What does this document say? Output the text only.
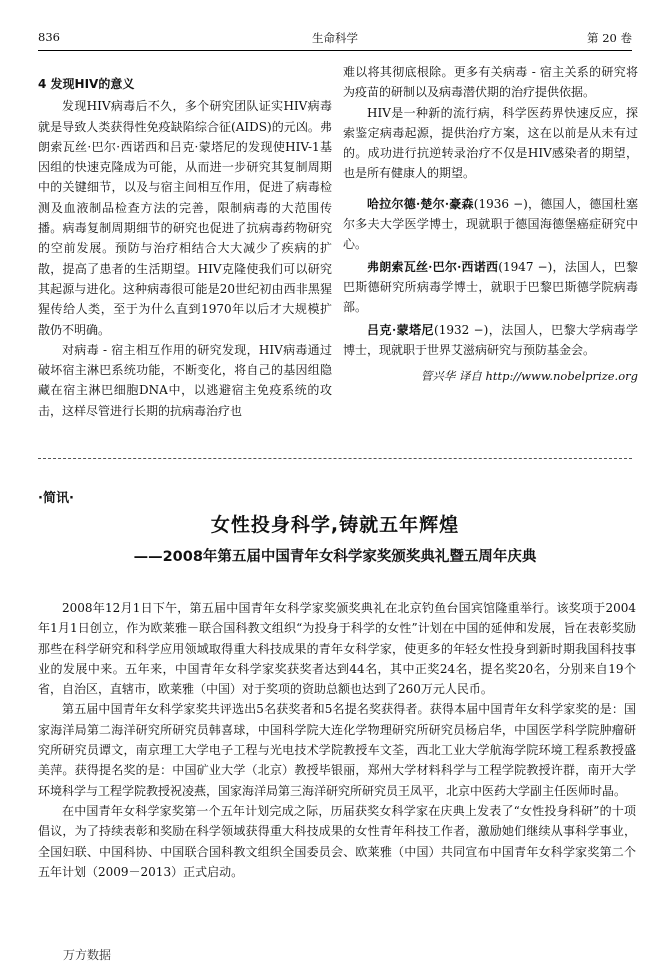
836	生命科学	第 20 卷
4 发现HIV的意义

发现HIV病毒后不久，多个研究团队证实HIV病毒就是导致人类获得性免疫缺陷综合征(AIDS)的元凶。弗朗索瓦丝·巴尔·西诺西和吕克·蒙塔尼的发现使HIV-1基因组的快速克隆成为可能，从而进一步研究其复制周期中的关键细节，以及与宿主间相互作用，促进了病毒检测及血液制品检查方法的完善，限制病毒的大范围传播。病毒复制周期细节的研究也促进了抗病毒药物研究的空前发展。预防与治疗相结合大大减少了疾病的扩散，提高了患者的生活期望。HIV克隆使我们可以研究其起源与进化。这种病毒很可能是20世纪初由西非黑猩猩传给人类，至于为什么直到1970年以后才大规模扩散仍不明确。

对病毒 - 宿主相互作用的研究发现，HIV病毒通过破坏宿主淋巴系统功能，不断变化，将自己的基因组隐藏在宿主淋巴细胞DNA中，以逃避宿主免疫系统的攻击，这样尽管进行长期的抗病毒治疗也

难以将其彻底根除。更多有关病毒 - 宿主关系的研究将为疫苗的研制以及病毒潜伏期的治疗提供依据。

HIV是一种新的流行病，科学医药界快速反应，探索鉴定病毒起源，提供治疗方案，这在以前是从未有过的。成功进行抗逆转录治疗不仅是HIV感染者的期望，也是所有健康人的期望。

哈拉尔德·楚尔·豪森(1936 −)，德国人，德国杜塞尔多夫大学医学博士，现就职于德国海德堡癌症研究中心。

弗朗索瓦丝·巴尔·西诺西(1947 −)，法国人，巴黎巴斯德研究所病毒学博士，就职于巴黎巴斯德学院病毒部。

吕克·蒙塔尼(1932 −)，法国人，巴黎大学病毒学博士，现就职于世界艾滋病研究与预防基金会。

管兴华 译自 http://www.nobelprize.org
·简讯·
女性投身科学,铸就五年辉煌
——2008年第五届中国青年女科学家奖颁奖典礼暨五周年庆典

2008年12月1日下午，第五届中国青年女科学家奖颁奖典礼在北京钓鱼台国宾馆隆重举行。该奖项于2004年1月1日创立，作为欧莱雅－联合国科教文组织“为投身于科学的女性”计划在中国的延伸和发展，旨在表彰奖励那些在科学研究和科学应用领域取得重大科技成果的青年女科学家，使更多的年轻女性投身到新时期我国科技事业的发展中来。五年来，中国青年女科学家奖获奖者达到44名，其中正奖24名，提名奖20名，分别来自19个省，自治区，直辖市，欧莱雅（中国）对于奖项的资助总额也达到了260万元人民币。

第五届中国青年女科学家奖共评选出5名获奖者和5名提名奖获得者。获得本届中国青年女科学家奖的是：国家海洋局第二海洋研究所研究员韩喜球，中国科学院大连化学物理研究所研究员杨启华，中国医学科学院肿瘤研究所研究员谭文，南京理工大学电子工程与光电技术学院教授车文荃，西北工业大学航海学院环境工程系教授盛美萍。获得提名奖的是：中国矿业大学（北京）教授毕银丽，郑州大学材料科学与工程学院教授许群，南开大学环境科学与工程学院教授祝凌燕，国家海洋局第三海洋研究所研究员王凤平，北京中医药大学副主任医师时晶。

在中国青年女科学家奖第一个五年计划完成之际，历届获奖女科学家在庆典上发表了“女性投身科研”的十项倡议，为了持续表彰和奖励在科学领域获得重大科技成果的女性青年科技工作者，激励她们继续从事科学事业，全国妇联、中国科协、中国联合国科教文组织全国委员会、欧莱雅（中国）共同宣布中国青年女科学家奖第二个五年计划（2009－2013）正式启动。

万方数据
